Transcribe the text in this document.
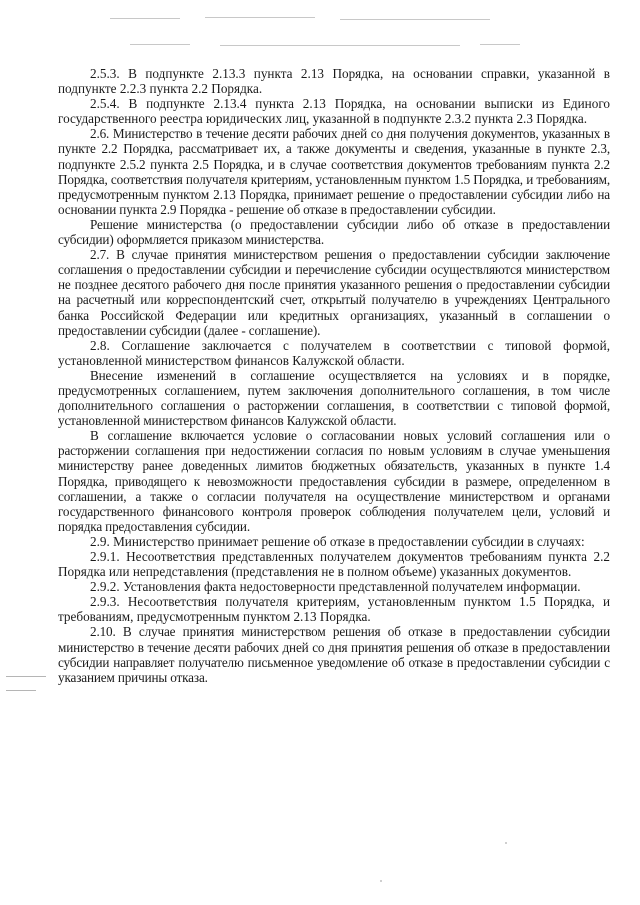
2.5.3. В подпункте 2.13.3 пункта 2.13 Порядка, на основании справки, указанной в подпункте 2.2.3 пункта 2.2 Порядка.

2.5.4. В подпункте 2.13.4 пункта 2.13 Порядка, на основании выписки из Единого государственного реестра юридических лиц, указанной в подпункте 2.3.2 пункта 2.3 Порядка.

2.6. Министерство в течение десяти рабочих дней со дня получения документов, указанных в пункте 2.2 Порядка, рассматривает их, а также документы и сведения, указанные в пункте 2.3, подпункте 2.5.2 пункта 2.5 Порядка, и в случае соответствия документов требованиям пункта 2.2 Порядка, соответствия получателя критериям, установленным пунктом 1.5 Порядка, и требованиям, предусмотренным пунктом 2.13 Порядка, принимает решение о предоставлении субсидии либо на основании пункта 2.9 Порядка - решение об отказе в предоставлении субсидии.

Решение министерства (о предоставлении субсидии либо об отказе в предоставлении субсидии) оформляется приказом министерства.

2.7. В случае принятия министерством решения о предоставлении субсидии заключение соглашения о предоставлении субсидии и перечисление субсидии осуществляются министерством не позднее десятого рабочего дня после принятия указанного решения о предоставлении субсидии на расчетный или корреспондентский счет, открытый получателю в учреждениях Центрального банка Российской Федерации или кредитных организациях, указанный в соглашении о предоставлении субсидии (далее - соглашение).

2.8. Соглашение заключается с получателем в соответствии с типовой формой, установленной министерством финансов Калужской области.

Внесение изменений в соглашение осуществляется на условиях и в порядке, предусмотренных соглашением, путем заключения дополнительного соглашения, в том числе дополнительного соглашения о расторжении соглашения, в соответствии с типовой формой, установленной министерством финансов Калужской области.

В соглашение включается условие о согласовании новых условий соглашения или о расторжении соглашения при недостижении согласия по новым условиям в случае уменьшения министерству ранее доведенных лимитов бюджетных обязательств, указанных в пункте 1.4 Порядка, приводящего к невозможности предоставления субсидии в размере, определенном в соглашении, а также о согласии получателя на осуществление министерством и органами государственного финансового контроля проверок соблюдения получателем цели, условий и порядка предоставления субсидии.

2.9. Министерство принимает решение об отказе в предоставлении субсидии в случаях:

2.9.1. Несоответствия представленных получателем документов требованиям пункта 2.2 Порядка или непредставления (представления не в полном объеме) указанных документов.

2.9.2. Установления факта недостоверности представленной получателем информации.

2.9.3. Несоответствия получателя критериям, установленным пунктом 1.5 Порядка, и требованиям, предусмотренным пунктом 2.13 Порядка.

2.10. В случае принятия министерством решения об отказе в предоставлении субсидии министерство в течение десяти рабочих дней со дня принятия решения об отказе в предоставлении субсидии направляет получателю письменное уведомление об отказе в предоставлении субсидии с указанием причины отказа.
